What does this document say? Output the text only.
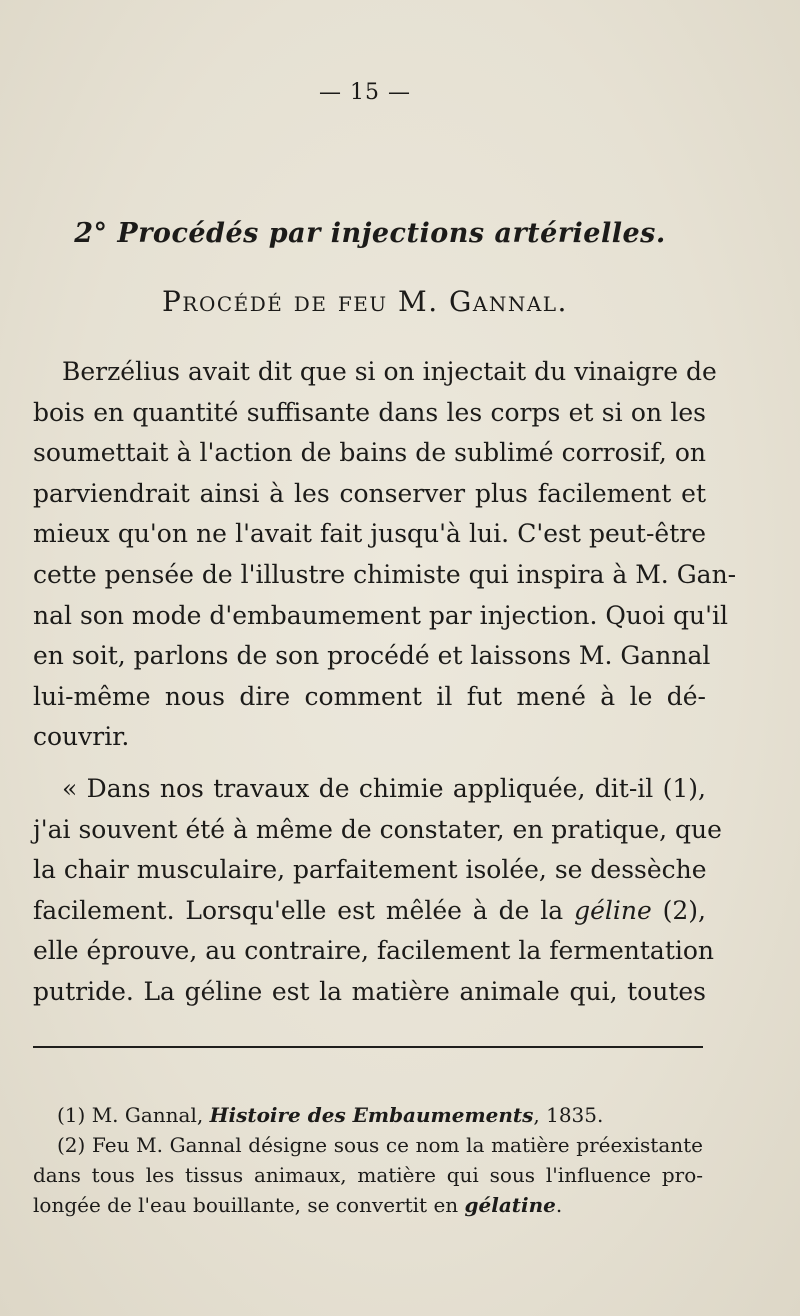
— 15 —
2° Procédés par injections artérielles.
Procédé de feu M. Gannal.
Berzélius avait dit que si on injectait du vinaigre de
bois en quantité suffisante dans les corps et si on les
soumettait à l'action de bains de sublimé corrosif, on
parviendrait ainsi à les conserver plus facilement et
mieux qu'on ne l'avait fait jusqu'à lui. C'est peut-être
cette pensée de l'illustre chimiste qui inspira à M. Gan-
nal son mode d'embaumement par injection. Quoi qu'il
en soit, parlons de son procédé et laissons M. Gannal
lui-même nous dire comment il fut mené à le dé-
couvrir.
« Dans nos travaux de chimie appliquée, dit-il (1),
j'ai souvent été à même de constater, en pratique, que
la chair musculaire, parfaitement isolée, se dessèche
facilement. Lorsqu'elle est mêlée à de la géline (2),
elle éprouve, au contraire, facilement la fermentation
putride. La géline est la matière animale qui, toutes
(1) M. Gannal, Histoire des Embaumements, 1835.
(2) Feu M. Gannal désigne sous ce nom la matière préexistante
dans tous les tissus animaux, matière qui sous l'influence pro-
longée de l'eau bouillante, se convertit en gélatine.
